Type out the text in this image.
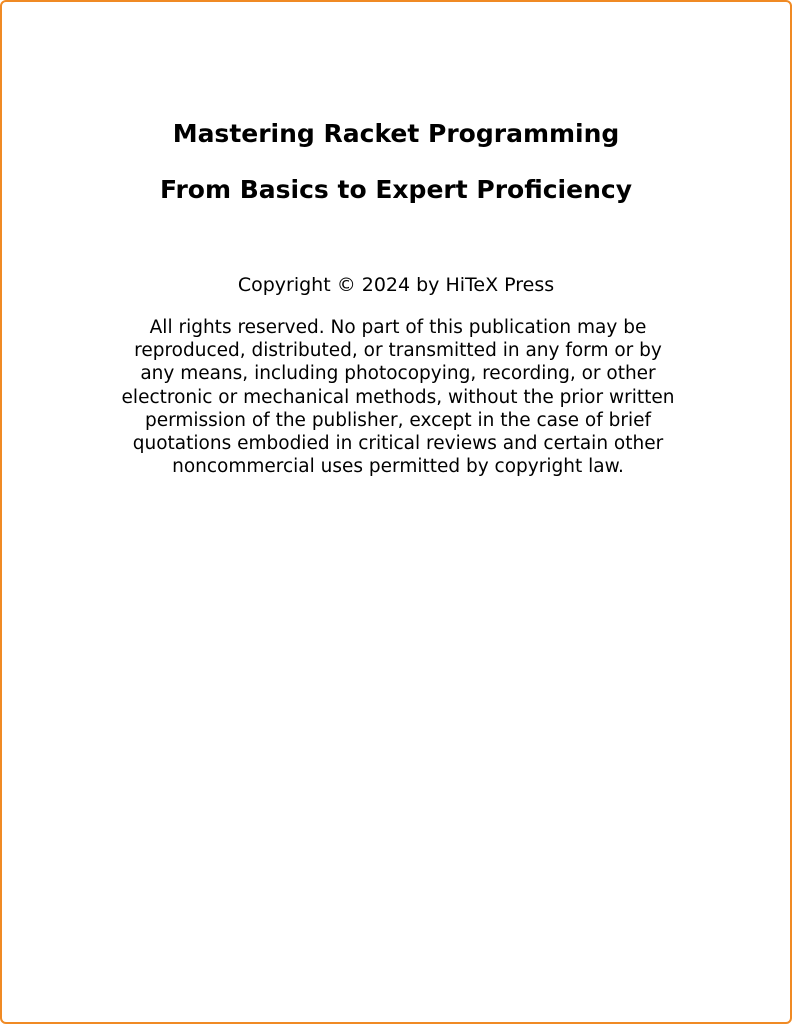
Mastering Racket Programming
From Basics to Expert Proficiency

Copyright © 2024 by HiTeX Press

All rights reserved. No part of this publication may be
reproduced, distributed, or transmitted in any form or by
any means, including photocopying, recording, or other
electronic or mechanical methods, without the prior written
permission of the publisher, except in the case of brief
quotations embodied in critical reviews and certain other
noncommercial uses permitted by copyright law.
